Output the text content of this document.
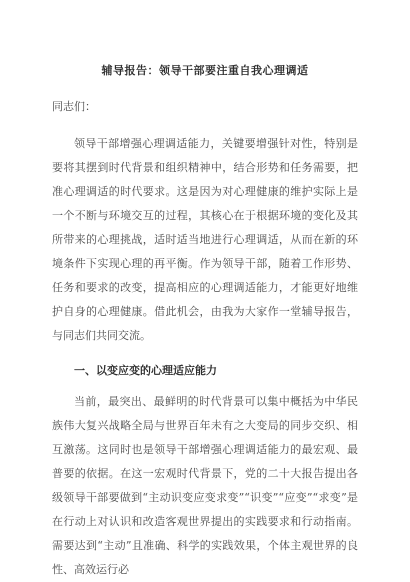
辅导报告：领导干部要注重自我心理调适
同志们：

领导干部增强心理调适能力，关键要增强针对性，特别是要将其摆到时代背景和组织精神中，结合形势和任务需要，把准心理调适的时代要求。这是因为对心理健康的维护实际上是一个不断与环境交互的过程，其核心在于根据环境的变化及其所带来的心理挑战，适时适当地进行心理调适，从而在新的环境条件下实现心理的再平衡。作为领导干部，随着工作形势、任务和要求的改变，提高相应的心理调适能力，才能更好地维护自身的心理健康。借此机会，由我为大家作一堂辅导报告，与同志们共同交流。

一、以变应变的心理适应能力

当前，最突出、最鲜明的时代背景可以集中概括为中华民族伟大复兴战略全局与世界百年未有之大变局的同步交织、相互激荡。这同时也是领导干部增强心理调适能力的最宏观、最普要的依据。在这一宏观时代背景下，党的二十大报告提出各级领导干部要做到“主动识变应变求变”“识变”“应变”“求变”是在行动上对认识和改造客观世界提出的实践要求和行动指南。需要达到“主动”且准确、科学的实践效果，个体主观世界的良性、高效运行必
